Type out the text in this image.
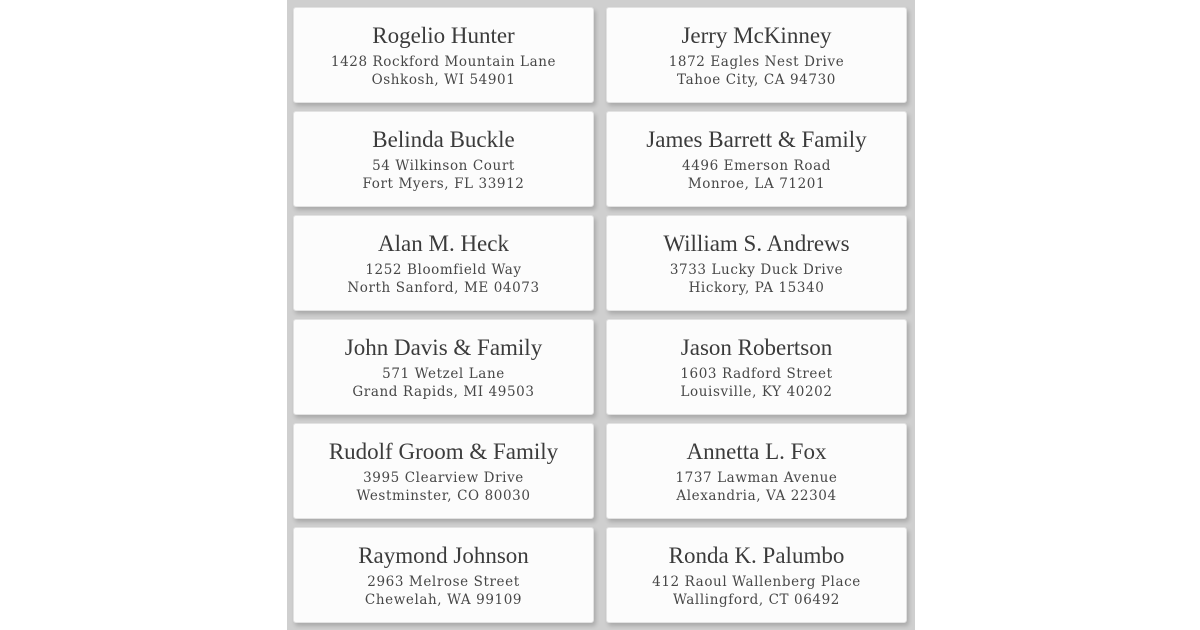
Rogelio Hunter
1428 Rockford Mountain Lane
Oshkosh, WI 54901
Jerry McKinney
1872 Eagles Nest Drive
Tahoe City, CA 94730
Belinda Buckle
54 Wilkinson Court
Fort Myers, FL 33912
James Barrett & Family
4496 Emerson Road
Monroe, LA 71201
Alan M. Heck
1252 Bloomfield Way
North Sanford, ME 04073
William S. Andrews
3733 Lucky Duck Drive
Hickory, PA 15340
John Davis & Family
571 Wetzel Lane
Grand Rapids, MI 49503
Jason Robertson
1603 Radford Street
Louisville, KY 40202
Rudolf Groom & Family
3995 Clearview Drive
Westminster, CO 80030
Annetta L. Fox
1737 Lawman Avenue
Alexandria, VA 22304
Raymond Johnson
2963 Melrose Street
Chewelah, WA 99109
Ronda K. Palumbo
412 Raoul Wallenberg Place
Wallingford, CT 06492
